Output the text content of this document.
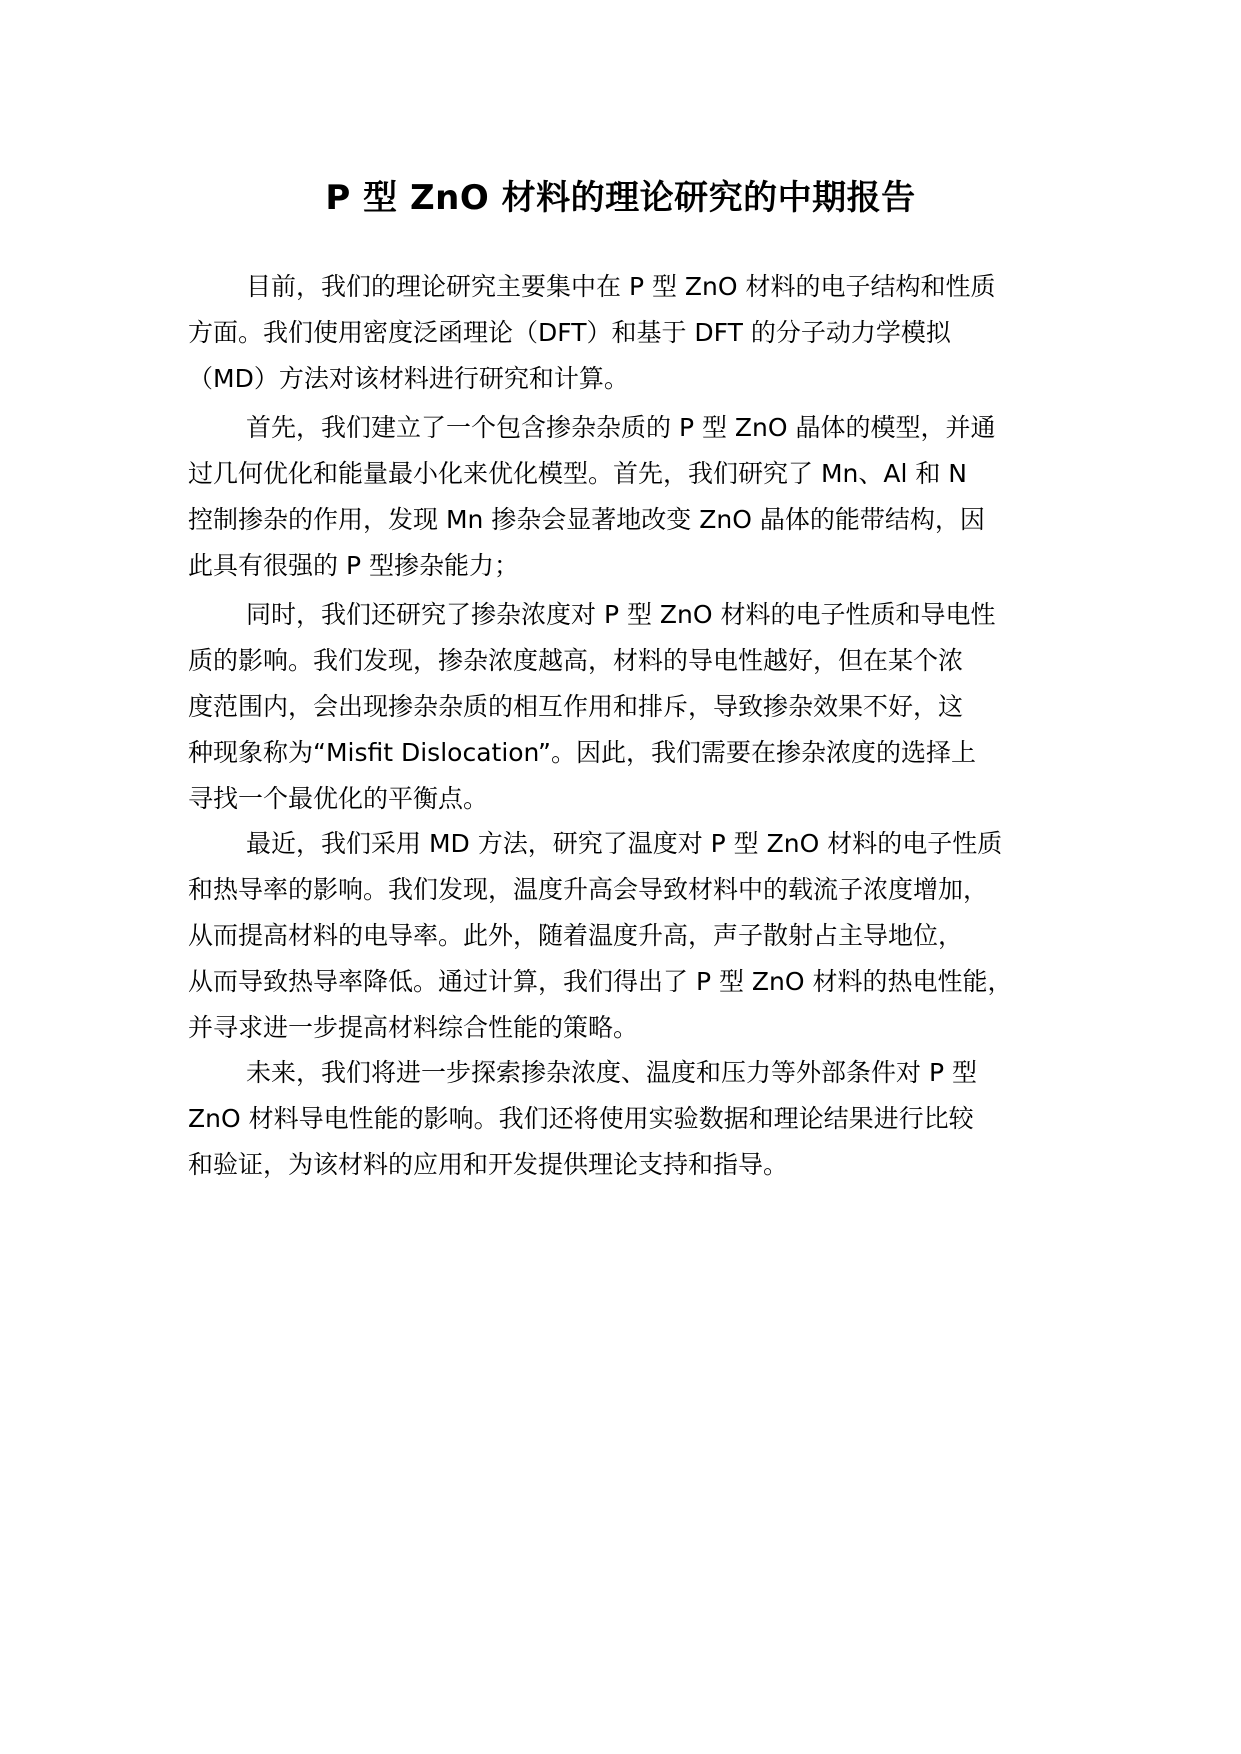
P 型 ZnO 材料的理论研究的中期报告

目前，我们的理论研究主要集中在 P 型 ZnO 材料的电子结构和性质
方面。我们使用密度泛函理论（DFT）和基于 DFT 的分子动力学模拟
（MD）方法对该材料进行研究和计算。

首先，我们建立了一个包含掺杂杂质的 P 型 ZnO 晶体的模型，并通
过几何优化和能量最小化来优化模型。首先，我们研究了 Mn、Al 和 N
控制掺杂的作用，发现 Mn 掺杂会显著地改变 ZnO 晶体的能带结构，因
此具有很强的 P 型掺杂能力；

同时，我们还研究了掺杂浓度对 P 型 ZnO 材料的电子性质和导电性
质的影响。我们发现，掺杂浓度越高，材料的导电性越好，但在某个浓
度范围内，会出现掺杂杂质的相互作用和排斥，导致掺杂效果不好，这
种现象称为“Misfit Dislocation”。因此，我们需要在掺杂浓度的选择上
寻找一个最优化的平衡点。

最近，我们采用 MD 方法，研究了温度对 P 型 ZnO 材料的电子性质
和热导率的影响。我们发现，温度升高会导致材料中的载流子浓度增加，
从而提高材料的电导率。此外，随着温度升高，声子散射占主导地位，
从而导致热导率降低。通过计算，我们得出了 P 型 ZnO 材料的热电性能，
并寻求进一步提高材料综合性能的策略。

未来，我们将进一步探索掺杂浓度、温度和压力等外部条件对 P 型
ZnO 材料导电性能的影响。我们还将使用实验数据和理论结果进行比较
和验证，为该材料的应用和开发提供理论支持和指导。
